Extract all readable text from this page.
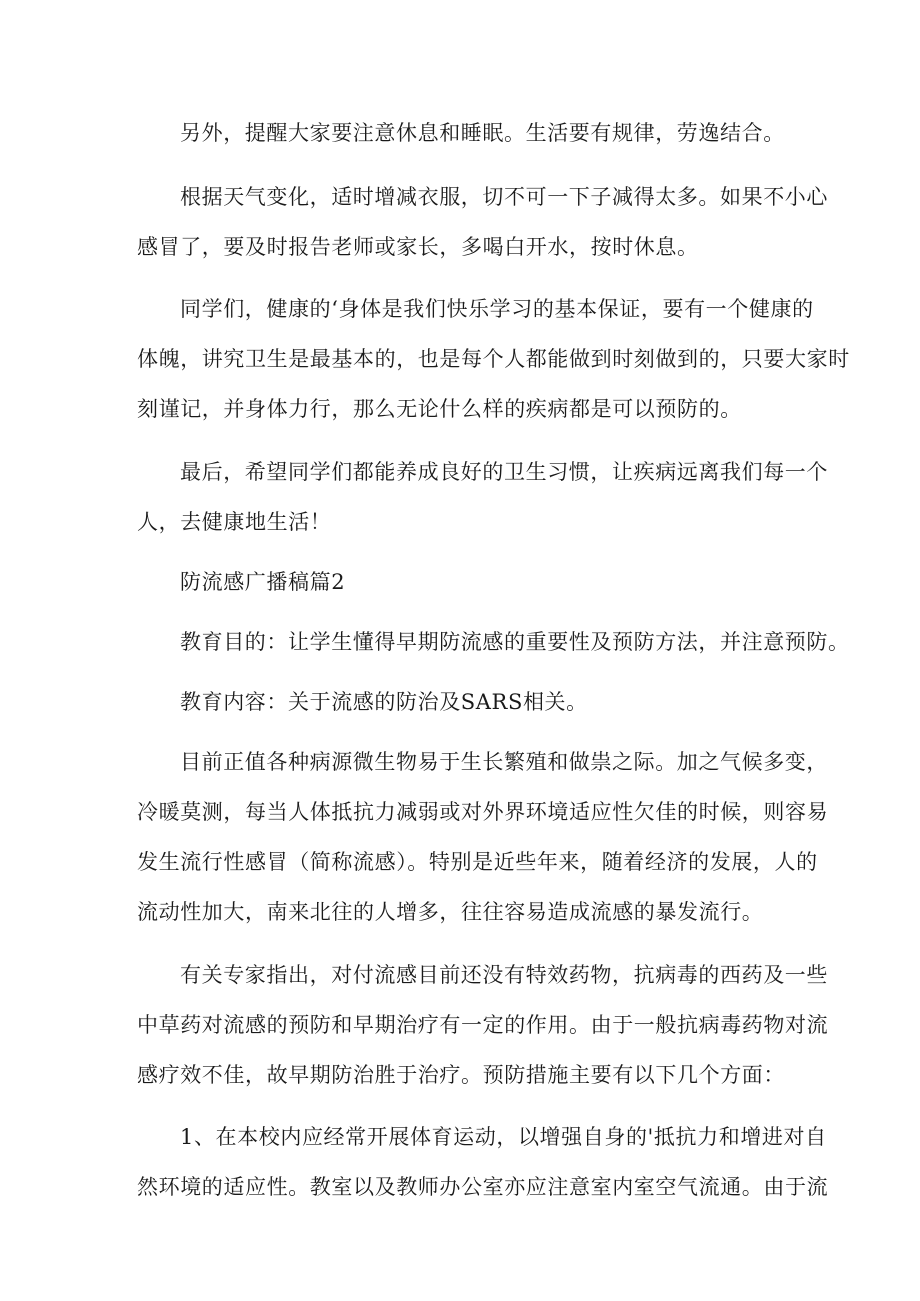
另外，提醒大家要注意休息和睡眠。生活要有规律，劳逸结合。

根据天气变化，适时增减衣服，切不可一下子减得太多。如果不小心

感冒了，要及时报告老师或家长，多喝白开水，按时休息。

同学们，健康的‘身体是我们快乐学习的基本保证，要有一个健康的

体魄，讲究卫生是最基本的，也是每个人都能做到时刻做到的，只要大家时

刻谨记，并身体力行，那么无论什么样的疾病都是可以预防的。

最后，希望同学们都能养成良好的卫生习惯，让疾病远离我们每一个

人，去健康地生活！

防流感广播稿篇2

教育目的：让学生懂得早期防流感的重要性及预防方法，并注意预防。

教育内容：关于流感的防治及SARS相关。

目前正值各种病源微生物易于生长繁殖和做祟之际。加之气候多变，

冷暖莫测，每当人体抵抗力减弱或对外界环境适应性欠佳的时候，则容易

发生流行性感冒（简称流感）。特别是近些年来，随着经济的发展，人的

流动性加大，南来北往的人增多，往往容易造成流感的暴发流行。

有关专家指出，对付流感目前还没有特效药物，抗病毒的西药及一些

中草药对流感的预防和早期治疗有一定的作用。由于一般抗病毒药物对流

感疗效不佳，故早期防治胜于治疗。预防措施主要有以下几个方面：

1、在本校内应经常开展体育运动，以增强自身的'抵抗力和增进对自

然环境的适应性。教室以及教师办公室亦应注意室内室空气流通。由于流
